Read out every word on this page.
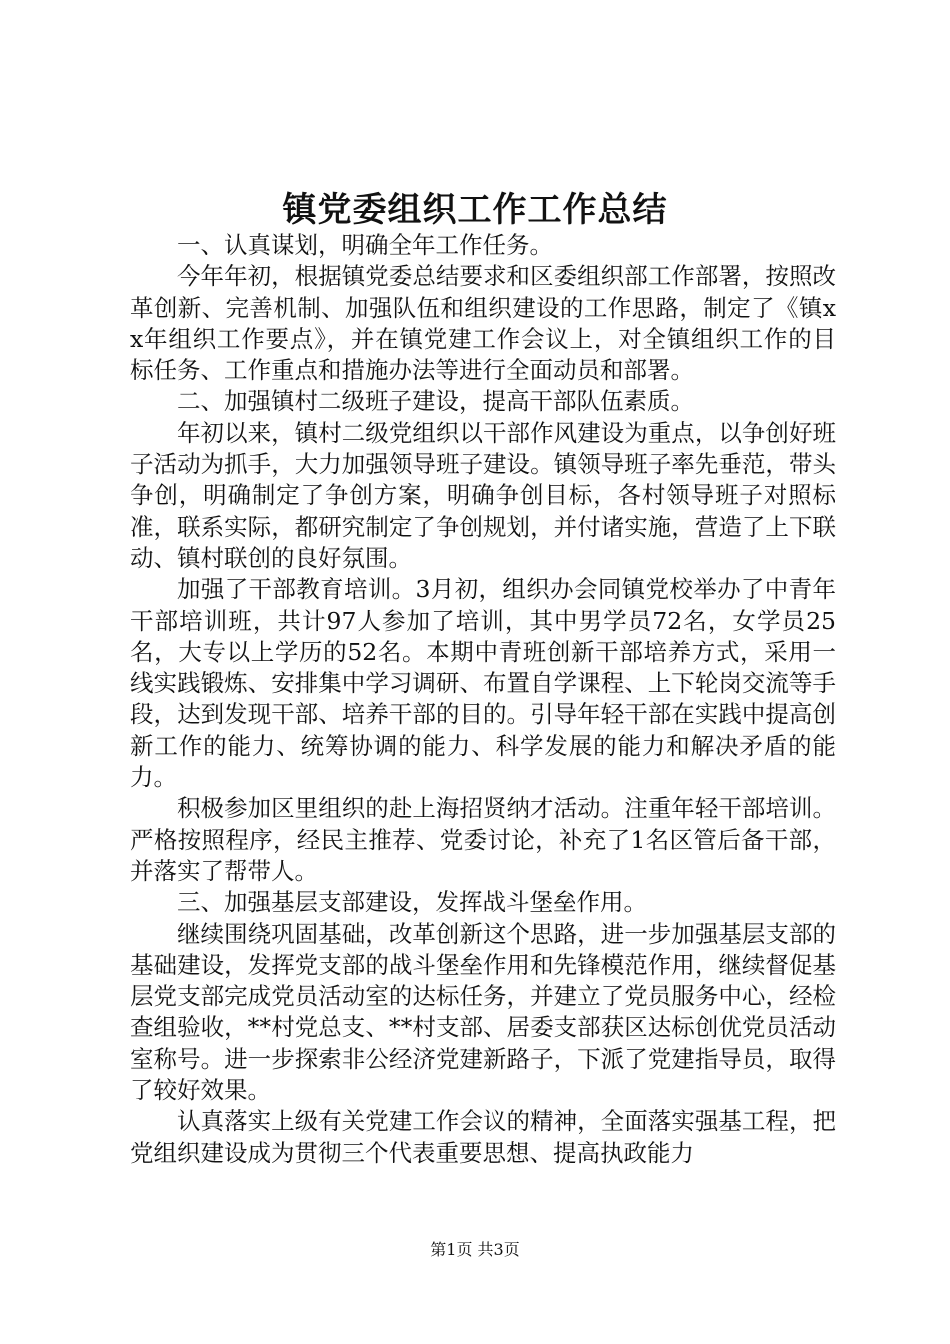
镇党委组织工作工作总结

一、认真谋划，明确全年工作任务。

今年年初，根据镇党委总结要求和区委组织部工作部署，按照改革创新、完善机制、加强队伍和组织建设的工作思路，制定了《镇xx年组织工作要点》，并在镇党建工作会议上，对全镇组织工作的目标任务、工作重点和措施办法等进行全面动员和部署。

二、加强镇村二级班子建设，提高干部队伍素质。

年初以来，镇村二级党组织以干部作风建设为重点，以争创好班子活动为抓手，大力加强领导班子建设。镇领导班子率先垂范，带头争创，明确制定了争创方案，明确争创目标，各村领导班子对照标准，联系实际，都研究制定了争创规划，并付诸实施，营造了上下联动、镇村联创的良好氛围。

加强了干部教育培训。3月初，组织办会同镇党校举办了中青年干部培训班，共计97人参加了培训，其中男学员72名，女学员25名，大专以上学历的52名。本期中青班创新干部培养方式，采用一线实践锻炼、安排集中学习调研、布置自学课程、上下轮岗交流等手段，达到发现干部、培养干部的目的。引导年轻干部在实践中提高创新工作的能力、统筹协调的能力、科学发展的能力和解决矛盾的能力。

积极参加区里组织的赴上海招贤纳才活动。注重年轻干部培训。严格按照程序，经民主推荐、党委讨论，补充了1名区管后备干部，并落实了帮带人。

三、加强基层支部建设，发挥战斗堡垒作用。

继续围绕巩固基础，改革创新这个思路，进一步加强基层支部的基础建设，发挥党支部的战斗堡垒作用和先锋模范作用，继续督促基层党支部完成党员活动室的达标任务，并建立了党员服务中心，经检查组验收，**村党总支、**村支部、居委支部获区达标创优党员活动室称号。进一步探索非公经济党建新路子，下派了党建指导员，取得了较好效果。

认真落实上级有关党建工作会议的精神，全面落实强基工程，把党组织建设成为贯彻三个代表重要思想、提高执政能力

第1页 共3页
